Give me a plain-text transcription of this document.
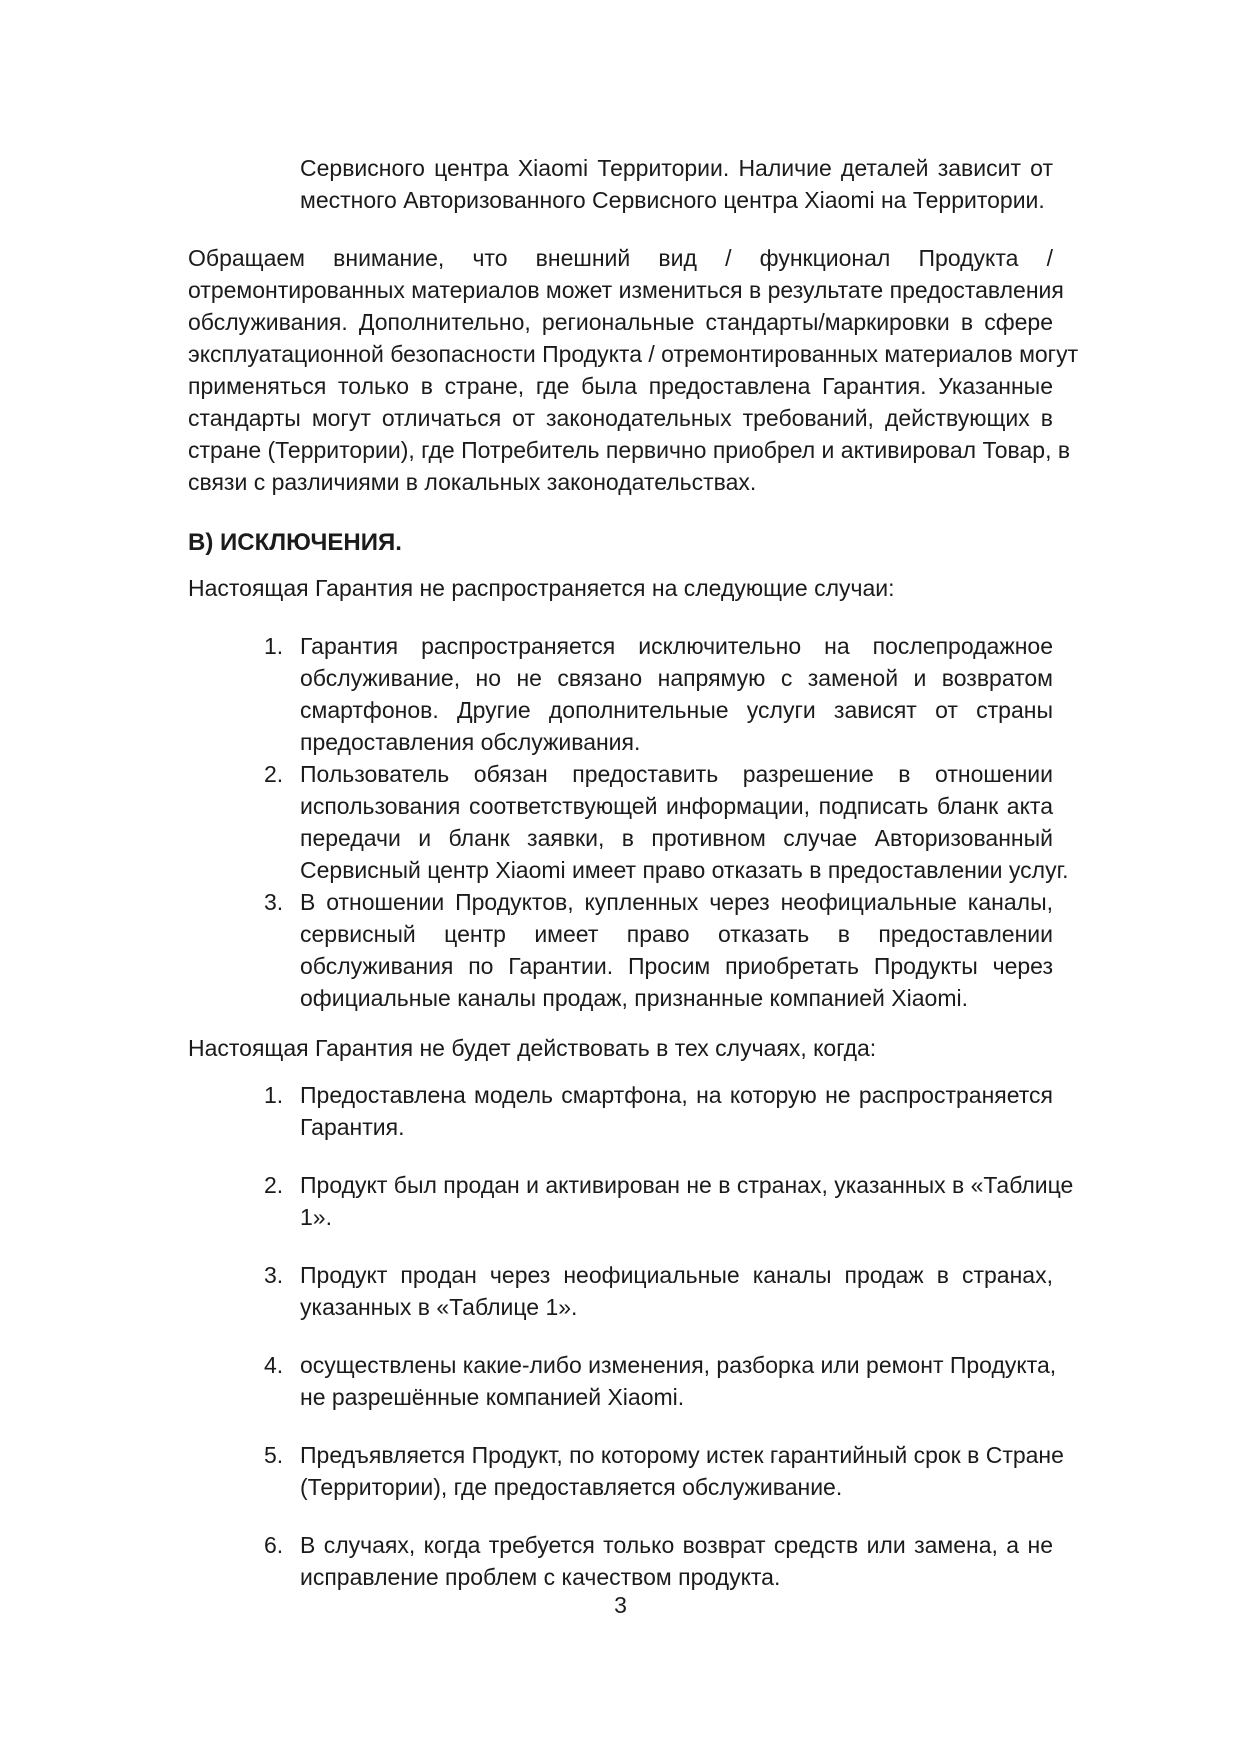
Сервисного центра Xiaomi Территории. Наличие деталей зависит от
местного Авторизованного Сервисного центра Xiaomi на Территории.
Обращаем внимание, что внешний вид / функционал Продукта /
отремонтированных материалов может измениться в результате предоставления
обслуживания. Дополнительно, региональные стандарты/маркировки в сфере
эксплуатационной безопасности Продукта / отремонтированных материалов могут
применяться только в стране, где была предоставлена Гарантия. Указанные
стандарты могут отличаться от законодательных требований, действующих в
стране (Территории), где Потребитель первично приобрел и активировал Товар, в
связи с различиями в локальных законодательствах.
В) ИСКЛЮЧЕНИЯ.
Настоящая Гарантия не распространяется на следующие случаи:
1. Гарантия распространяется исключительно на послепродажное
обслуживание, но не связано напрямую с заменой и возвратом
смартфонов. Другие дополнительные услуги зависят от страны
предоставления обслуживания.
2. Пользователь обязан предоставить разрешение в отношении
использования соответствующей информации, подписать бланк акта
передачи и бланк заявки, в противном случае Авторизованный
Сервисный центр Xiaomi имеет право отказать в предоставлении услуг.
3. В отношении Продуктов, купленных через неофициальные каналы,
сервисный центр имеет право отказать в предоставлении
обслуживания по Гарантии. Просим приобретать Продукты через
официальные каналы продаж, признанные компанией Xiaomi.
Настоящая Гарантия не будет действовать в тех случаях, когда:
1. Предоставлена модель смартфона, на которую не распространяется
Гарантия.
2. Продукт был продан и активирован не в странах, указанных в «Таблице
1».
3. Продукт продан через неофициальные каналы продаж в странах,
указанных в «Таблице 1».
4. осуществлены какие-либо изменения, разборка или ремонт Продукта,
не разрешённые компанией Xiaomi.
5. Предъявляется Продукт, по которому истек гарантийный срок в Стране
(Территории), где предоставляется обслуживание.
6. В случаях, когда требуется только возврат средств или замена, а не
исправление проблем с качеством продукта.
3
